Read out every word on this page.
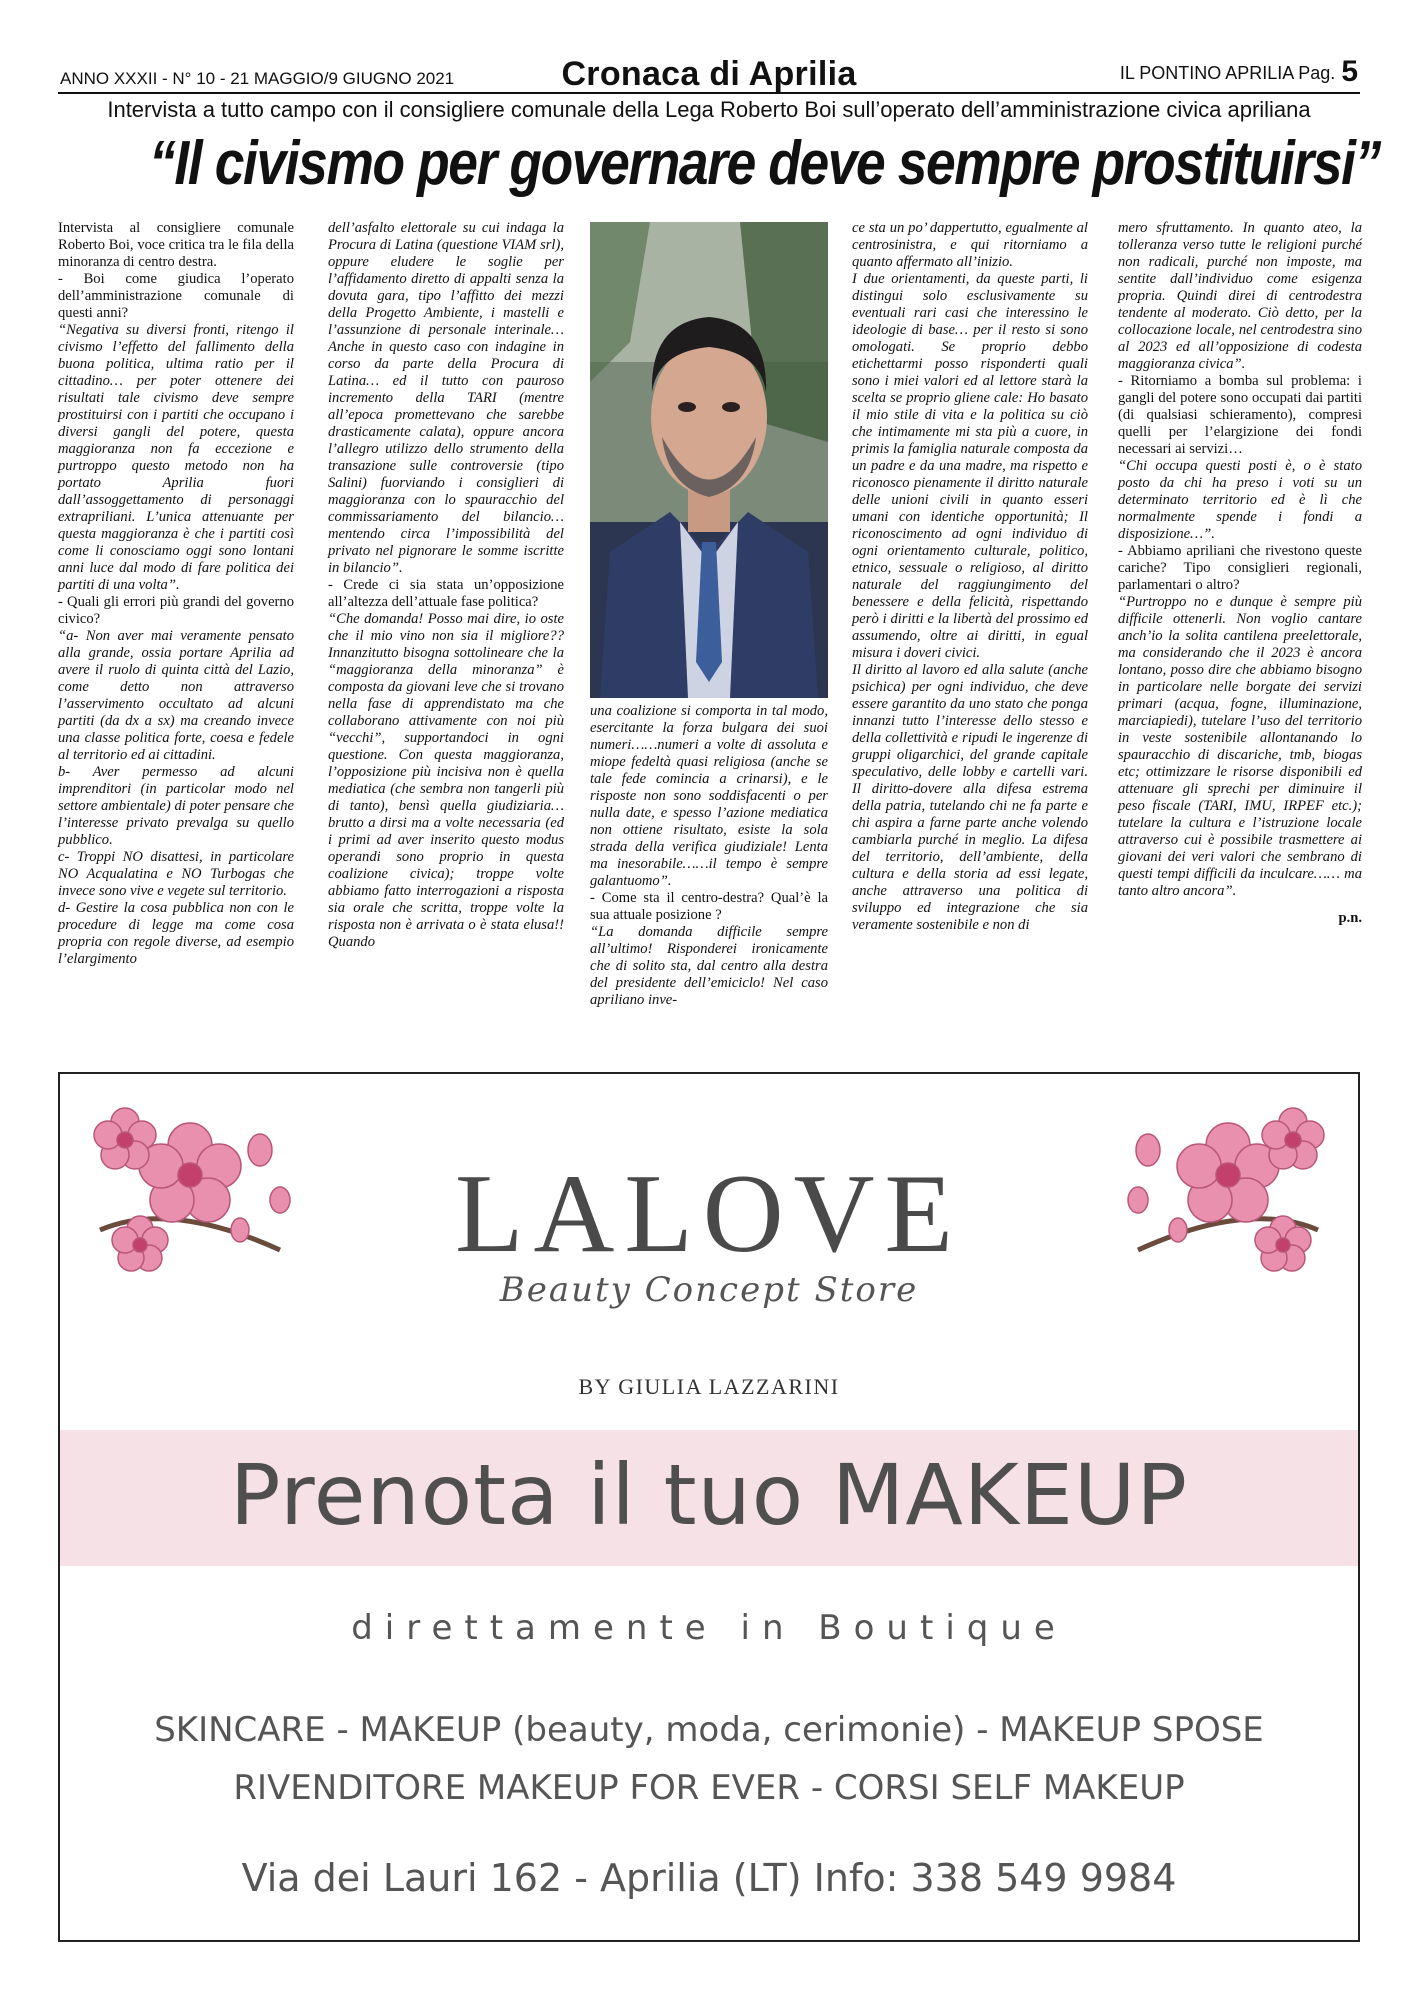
ANNO XXXII - N° 10 - 21 MAGGIO/9 GIUGNO 2021	Cronaca di Aprilia	IL PONTINO APRILIA Pag. 5
Intervista a tutto campo con il consigliere comunale della Lega Roberto Boi sull’operato dell’amministrazione civica apriliana
“Il civismo per governare deve sempre prostituirsi”

Intervista al consigliere comunale Roberto Boi, voce critica tra le fila della minoranza di centro destra.

- Boi come giudica l’operato dell’amministrazione comunale di questi anni?

“Negativa su diversi fronti, ritengo il civismo l’effetto del fallimento della buona politica, ultima ratio per il cittadino… per poter ottenere dei risultati tale civismo deve sempre prostituirsi con i partiti che occupano i diversi gangli del potere, questa maggioranza non fa eccezione e purtroppo questo metodo non ha portato Aprilia fuori dall’assoggettamento di personaggi extrapriliani. L’unica attenuante per questa maggioranza è che i partiti così come li conosciamo oggi sono lontani anni luce dal modo di fare politica dei partiti di una volta”.

- Quali gli errori più grandi del governo civico?

“a- Non aver mai veramente pensato alla grande, ossia portare Aprilia ad avere il ruolo di quinta città del Lazio, come detto non attraverso l’asservimento occultato ad alcuni partiti (da dx a sx) ma creando invece una classe politica forte, coesa e fedele al territorio ed ai cittadini.

b- Aver permesso ad alcuni imprenditori (in particolar modo nel settore ambientale) di poter pensare che l’interesse privato prevalga su quello pubblico.

c- Troppi NO disattesi, in particolare NO Acqualatina e NO Turbogas che invece sono vive e vegete sul territorio.

d- Gestire la cosa pubblica non con le procedure di legge ma come cosa propria con regole diverse, ad esempio l’elargimento

dell’asfalto elettorale su cui indaga la Procura di Latina (questione VIAM srl), oppure eludere le soglie per l’affidamento diretto di appalti senza la dovuta gara, tipo l’affitto dei mezzi della Progetto Ambiente, i mastelli e l’assunzione di personale interinale… Anche in questo caso con indagine in corso da parte della Procura di Latina… ed il tutto con pauroso incremento della TARI (mentre all’epoca promettevano che sarebbe drasticamente calata), oppure ancora l’allegro utilizzo dello strumento della transazione sulle controversie (tipo Salini) fuorviando i consiglieri di maggioranza con lo spauracchio del commissariamento del bilancio… mentendo circa l’impossibilità del privato nel pignorare le somme iscritte in bilancio”.

- Crede ci sia stata un’opposizione all’altezza dell’attuale fase politica?

“Che domanda! Posso mai dire, io oste che il mio vino non sia il migliore?? Innanzitutto bisogna sottolineare che la “maggioranza della minoranza” è composta da giovani leve che si trovano nella fase di apprendistato ma che collaborano attivamente con noi più “vecchi”, supportandoci in ogni questione. Con questa maggioranza, l’opposizione più incisiva non è quella mediatica (che sembra non tangerli più di tanto), bensì quella giudiziaria… brutto a dirsi ma a volte necessaria (ed i primi ad aver inserito questo modus operandi sono proprio in questa coalizione civica); troppe volte abbiamo fatto interrogazioni a risposta sia orale che scritta, troppe volte la risposta non è arrivata o è stata elusa!! Quando

una coalizione si comporta in tal modo, esercitante la forza bulgara dei suoi numeri……numeri a volte di assoluta e miope fedeltà quasi religiosa (anche se tale fede comincia a crinarsi), e le risposte non sono soddisfacenti o per nulla date, e spesso l’azione mediatica non ottiene risultato, esiste la sola strada della verifica giudiziale! Lenta ma inesorabile……il tempo è sempre galantuomo”.

- Come sta il centro-destra? Qual’è la sua attuale posizione ?

“La domanda difficile sempre all’ultimo! Risponderei ironicamente che di solito sta, dal centro alla destra del presidente dell’emiciclo! Nel caso apriliano inve-

ce sta un po’ dappertutto, egualmente al centrosinistra, e qui ritorniamo a quanto affermato all’inizio.

I due orientamenti, da queste parti, li distingui solo esclusivamente su eventuali rari casi che interessino le ideologie di base… per il resto si sono omologati. Se proprio debbo etichettarmi posso risponderti quali sono i miei valori ed al lettore starà la scelta se proprio gliene cale: Ho basato il mio stile di vita e la politica su ciò che intimamente mi sta più a cuore, in primis la famiglia naturale composta da un padre e da una madre, ma rispetto e riconosco pienamente il diritto naturale delle unioni civili in quanto esseri umani con identiche opportunità; Il riconoscimento ad ogni individuo di ogni orientamento culturale, politico, etnico, sessuale o religioso, al diritto naturale del raggiungimento del benessere e della felicità, rispettando però i diritti e la libertà del prossimo ed assumendo, oltre ai diritti, in egual misura i doveri civici.

Il diritto al lavoro ed alla salute (anche psichica) per ogni individuo, che deve essere garantito da uno stato che ponga innanzi tutto l’interesse dello stesso e della collettività e ripudi le ingerenze di gruppi oligarchici, del grande capitale speculativo, delle lobby e cartelli vari. Il diritto-dovere alla difesa estrema della patria, tutelando chi ne fa parte e chi aspira a farne parte anche volendo cambiarla purché in meglio. La difesa del territorio, dell’ambiente, della cultura e della storia ad essi legate, anche attraverso una politica di sviluppo ed integrazione che sia veramente sostenibile e non di

mero sfruttamento. In quanto ateo, la tolleranza verso tutte le religioni purché non radicali, purché non imposte, ma sentite dall’individuo come esigenza propria. Quindi direi di centrodestra tendente al moderato. Ciò detto, per la collocazione locale, nel centrodestra sino al 2023 ed all’opposizione di codesta maggioranza civica”.

- Ritorniamo a bomba sul problema: i gangli del potere sono occupati dai partiti (di qualsiasi schieramento), compresi quelli per l’elargizione dei fondi necessari ai servizi…

“Chi occupa questi posti è, o è stato posto da chi ha preso i voti su un determinato territorio ed è lì che normalmente spende i fondi a disposizione…”.

- Abbiamo apriliani che rivestono queste cariche? Tipo consiglieri regionali, parlamentari o altro?

“Purtroppo no e dunque è sempre più difficile ottenerli. Non voglio cantare anch’io la solita cantilena preelettorale, ma considerando che il 2023 è ancora lontano, posso dire che abbiamo bisogno in particolare nelle borgate dei servizi primari (acqua, fogne, illuminazione, marciapiedi), tutelare l’uso del territorio in veste sostenibile allontanando lo spauracchio di discariche, tmb, biogas etc; ottimizzare le risorse disponibili ed attenuare gli sprechi per diminuire il peso fiscale (TARI, IMU, IRPEF etc.); tutelare la cultura e l’istruzione locale attraverso cui è possibile trasmettere ai giovani dei veri valori che sembrano di questi tempi difficili da inculcare…… ma tanto altro ancora”.

p.n.

LALOVE
Beauty Concept Store
BY GIULIA LAZZARINI
Prenota il tuo MAKEUP
direttamente in Boutique
SKINCARE - MAKEUP (beauty, moda, cerimonie) - MAKEUP SPOSE
RIVENDITORE MAKEUP FOR EVER - CORSI SELF MAKEUP
Via dei Lauri 162 - Aprilia (LT) Info: 338 549 9984
